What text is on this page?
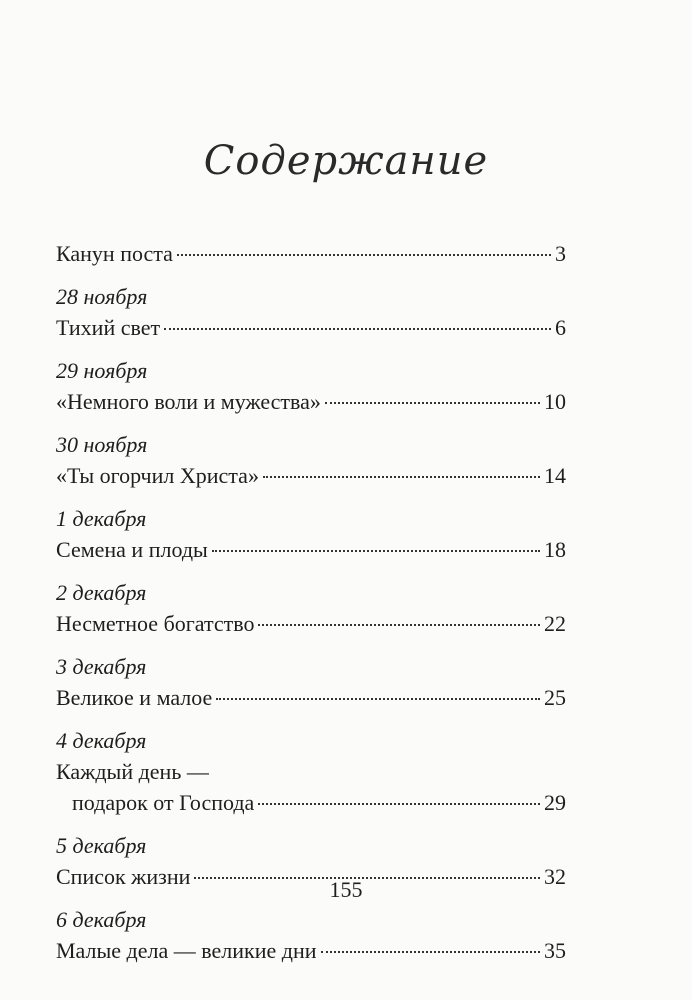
Содержание
Канун поста	3
28 ноября
Тихий свет	6
29 ноября
«Немного воли и мужества»	10
30 ноября
«Ты огорчил Христа»	14
1 декабря
Семена и плоды	18
2 декабря
Несметное богатство	22
3 декабря
Великое и малое	25
4 декабря
Каждый день —
подарок от Господа	29
5 декабря
Список жизни	32
6 декабря
Малые дела — великие дни	35
155
